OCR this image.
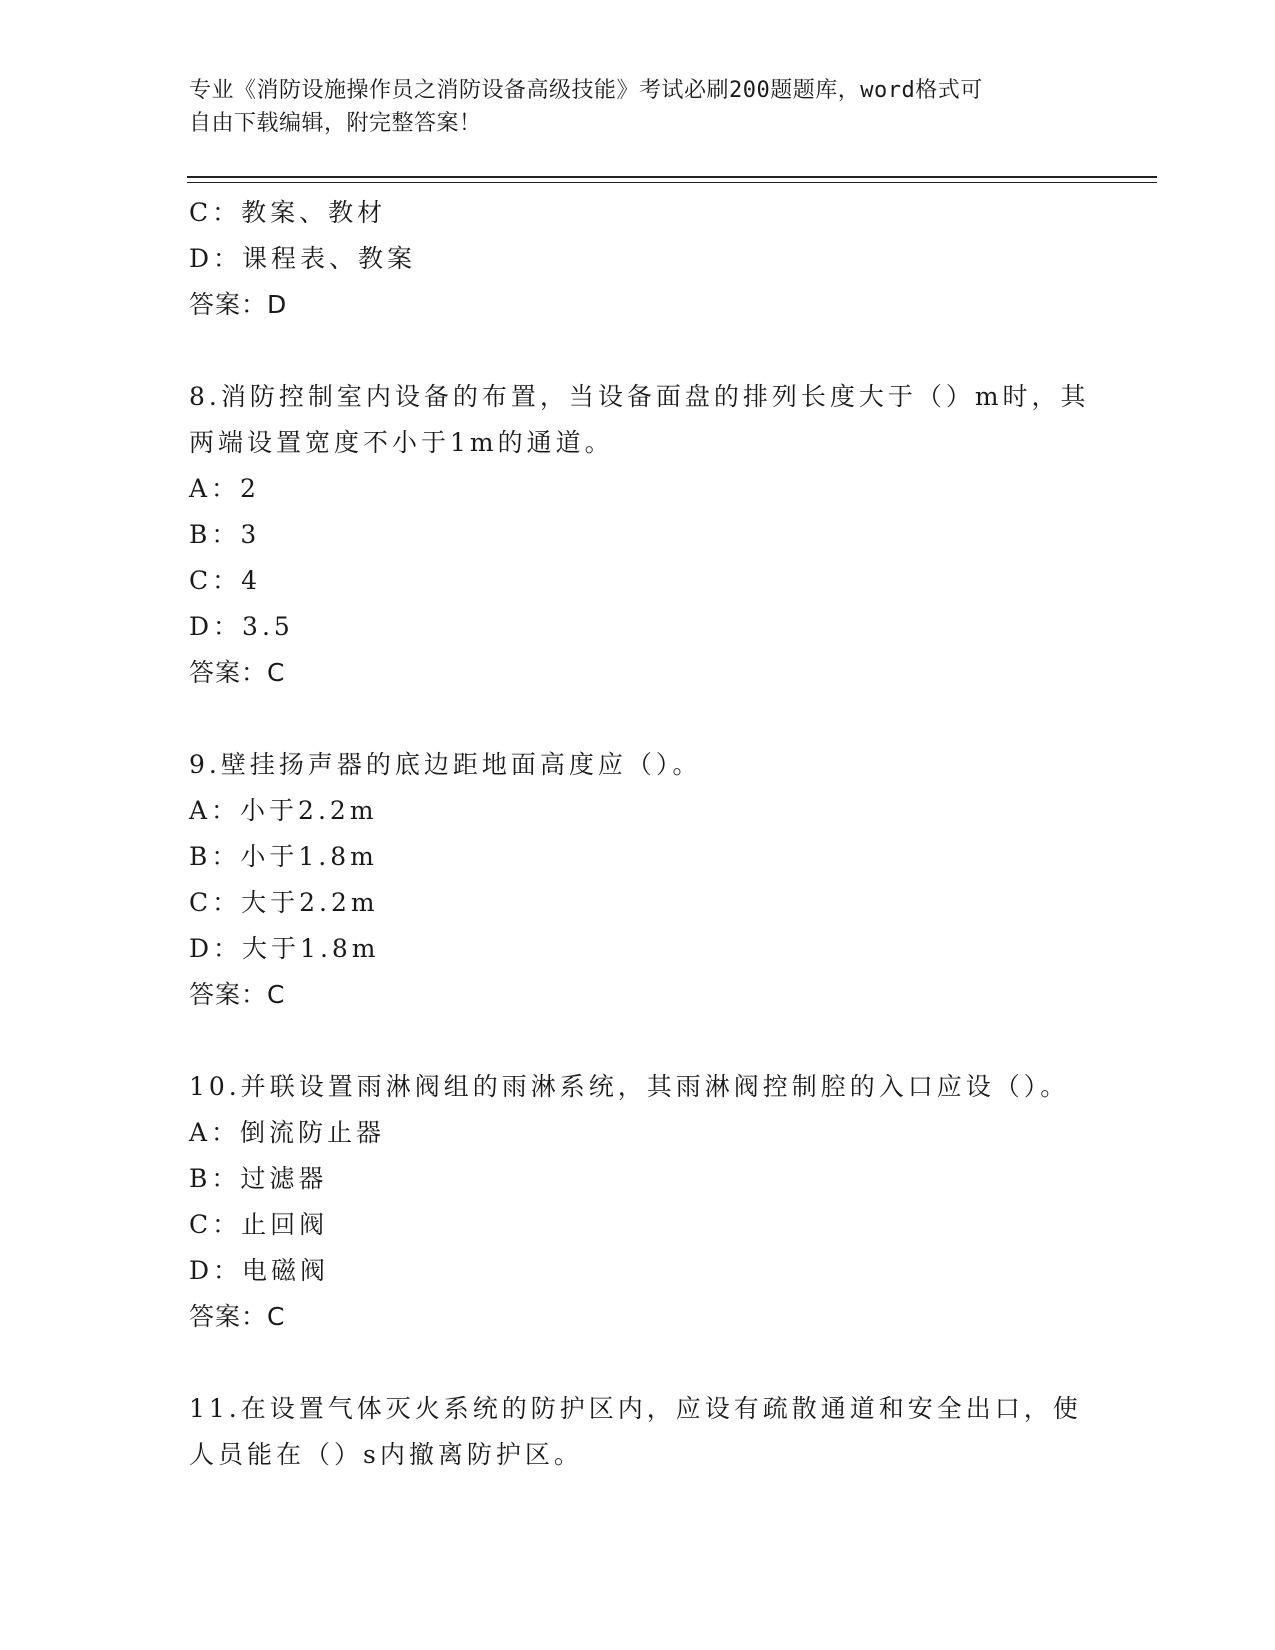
专业《消防设施操作员之消防设备高级技能》考试必刷200题题库，word格式可
自由下载编辑，附完整答案！
C：教案、教材
D：课程表、教案
答案：D
8.消防控制室内设备的布置，当设备面盘的排列长度大于（）m时，其
两端设置宽度不小于1m的通道。
A：2
B：3
C：4
D：3.5
答案：C
9.壁挂扬声器的底边距地面高度应（）。
A：小于2.2m
B：小于1.8m
C：大于2.2m
D：大于1.8m
答案：C
10.并联设置雨淋阀组的雨淋系统，其雨淋阀控制腔的入口应设（）。
A：倒流防止器
B：过滤器
C：止回阀
D：电磁阀
答案：C
11.在设置气体灭火系统的防护区内，应设有疏散通道和安全出口，使
人员能在（）s内撤离防护区。
